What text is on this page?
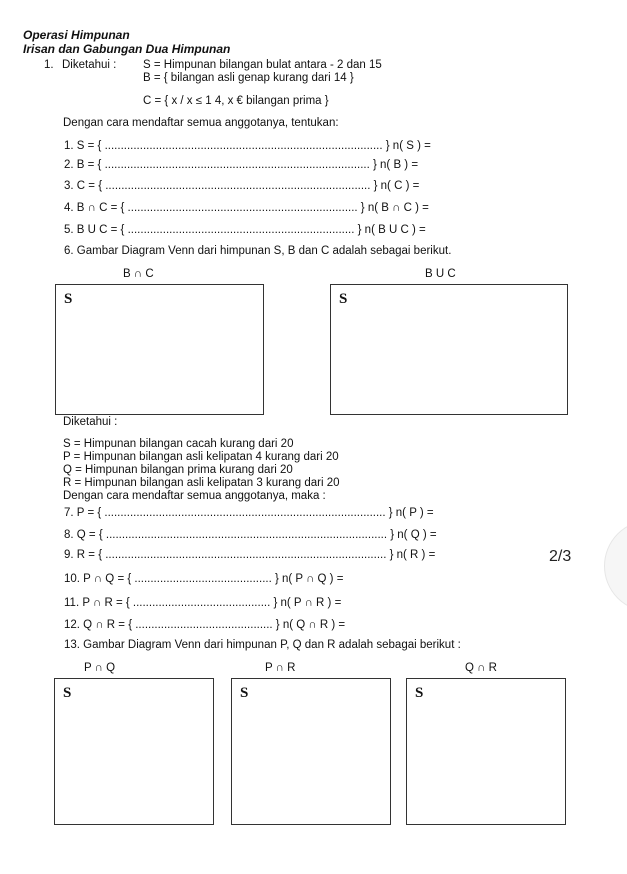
Operasi Himpunan
Irisan dan Gabungan Dua Himpunan
1. Diketahui : S = Himpunan bilangan bulat antara - 2 dan 15
B = { bilangan asli genap kurang dari 14 }
C = { x / x ≤ 1 4, x € bilangan prima }
Dengan cara mendaftar semua anggotanya, tentukan:
1. S = { ....................................................................................... } n( S ) =
2. B = { ................................................................................... } n( B ) =
3. C = { ................................................................................... } n( C ) =
4. B ∩ C = { ........................................................................ } n( B ∩ C ) =
5. B U C = { ....................................................................... } n( B U C ) =
6. Gambar Diagram Venn dari himpunan S, B dan C adalah sebagai berikut.
B ∩ C	B U C
S	S
Diketahui :
S = Himpunan bilangan cacah kurang dari 20
P = Himpunan bilangan asli kelipatan 4 kurang dari 20
Q = Himpunan bilangan prima kurang dari 20
R = Himpunan bilangan asli kelipatan 3 kurang dari 20
Dengan cara mendaftar semua anggotanya, maka :
7. P = { ........................................................................................ } n( P ) =
8. Q = { ........................................................................................ } n( Q ) =
9. R = { ........................................................................................ } n( R ) =
10. P ∩ Q = { ........................................... } n( P ∩ Q ) =
11. P ∩ R = { ........................................... } n( P ∩ R ) =
12. Q ∩ R = { ........................................... } n( Q ∩ R ) =
13. Gambar Diagram Venn dari himpunan P, Q dan R adalah sebagai berikut :
P ∩ Q	P ∩ R	Q ∩ R
S	S	S
2/3
